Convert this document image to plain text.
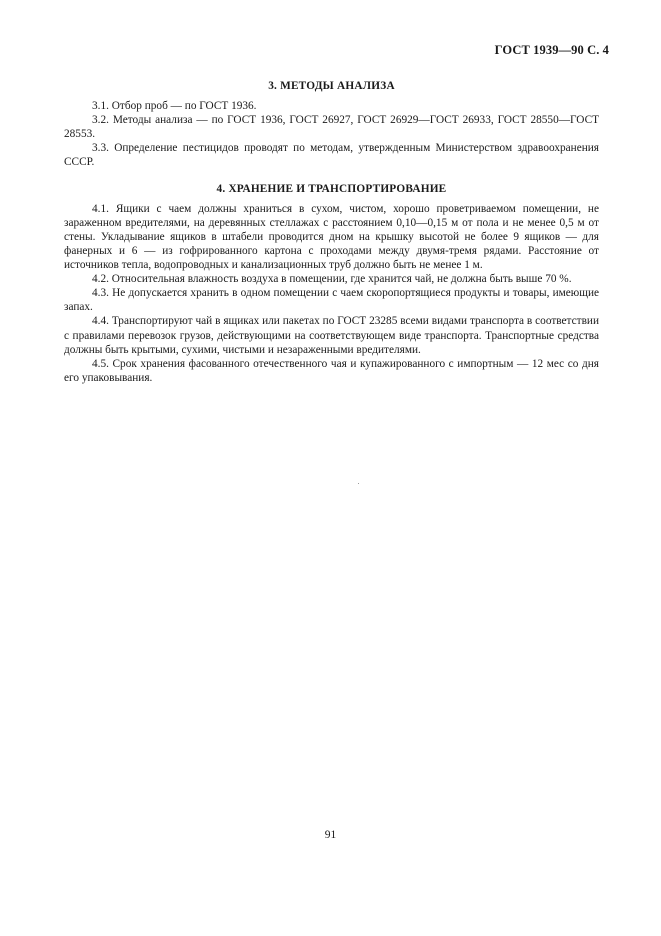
ГОСТ 1939—90 С. 4
3. МЕТОДЫ АНАЛИЗА

3.1. Отбор проб — по ГОСТ 1936.

3.2. Методы анализа — по ГОСТ 1936, ГОСТ 26927, ГОСТ 26929—ГОСТ 26933, ГОСТ 28550—ГОСТ 28553.

3.3. Определение пестицидов проводят по методам, утвержденным Министерством здравоохранения СССР.

4. ХРАНЕНИЕ И ТРАНСПОРТИРОВАНИЕ

4.1. Ящики с чаем должны храниться в сухом, чистом, хорошо проветриваемом помещении, не зараженном вредителями, на деревянных стеллажах с расстоянием 0,10—0,15 м от пола и не менее 0,5 м от стены. Укладывание ящиков в штабели проводится дном на крышку высотой не более 9 ящиков — для фанерных и 6 — из гофрированного картона с проходами между двумя-тремя рядами. Расстояние от источников тепла, водопроводных и канализационных труб должно быть не менее 1 м.

4.2. Относительная влажность воздуха в помещении, где хранится чай, не должна быть выше 70 %.

4.3. Не допускается хранить в одном помещении с чаем скоропортящиеся продукты и товары, имеющие запах.

4.4. Транспортируют чай в ящиках или пакетах по ГОСТ 23285 всеми видами транспорта в соответствии с правилами перевозок грузов, действующими на соответствующем виде транспорта. Транспортные средства должны быть крытыми, сухими, чистыми и незараженными вредителями.

4.5. Срок хранения фасованного отечественного чая и купажированного с импортным — 12 мес со дня его упаковывания.

91
